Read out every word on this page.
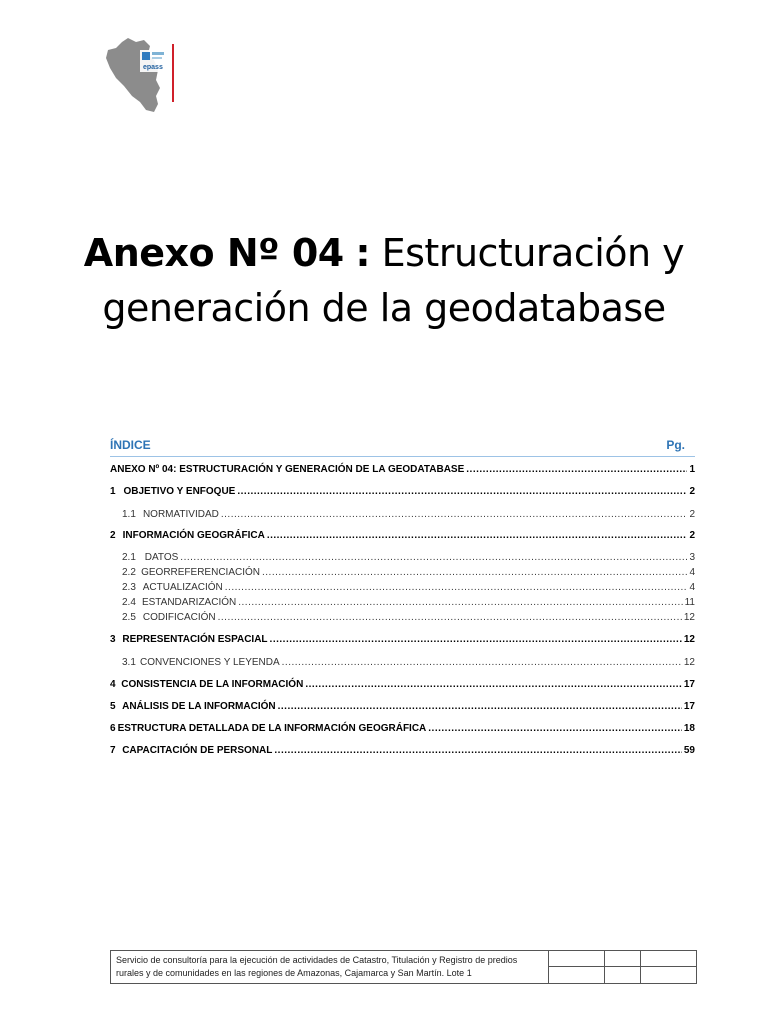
epass
Anexo Nº 04 : Estructuración y generación de la geodatabase
ÍNDICE	Pg.
ANEXO Nº 04 : ESTRUCTURACIÓN Y GENERACIÓN DE LA GEODATABASE .....	1
1 OBJETIVO Y ENFOQUE .....	2
1.1 NORMATIVIDAD .....	2
2 INFORMACIÓN GEOGRÁFICA .....	2
2.1 DATOS .....	3
2.2 GEORREFERENCIACIÓN .....	4
2.3 ACTUALIZACIÓN .....	4
2.4 ESTANDARIZACIÓN .....	11
2.5 CODIFICACIÓN .....	12
3 REPRESENTACIÓN ESPACIAL .....	12
3.1 CONVENCIONES Y LEYENDA .....	12
4 CONSISTENCIA DE LA INFORMACIÓN .....	17
5 ANÁLISIS DE LA INFORMACIÓN .....	17
6 ESTRUCTURA DETALLADA DE LA INFORMACIÓN GEOGRÁFICA .....	18
7 CAPACITACIÓN DE PERSONAL .....	59
Servicio de consultoría para la ejecución de actividades de Catastro, Titulación y Registro de predios
rurales y de comunidades en las regiones de Amazonas, Cajamarca y San Martín. Lote 1
